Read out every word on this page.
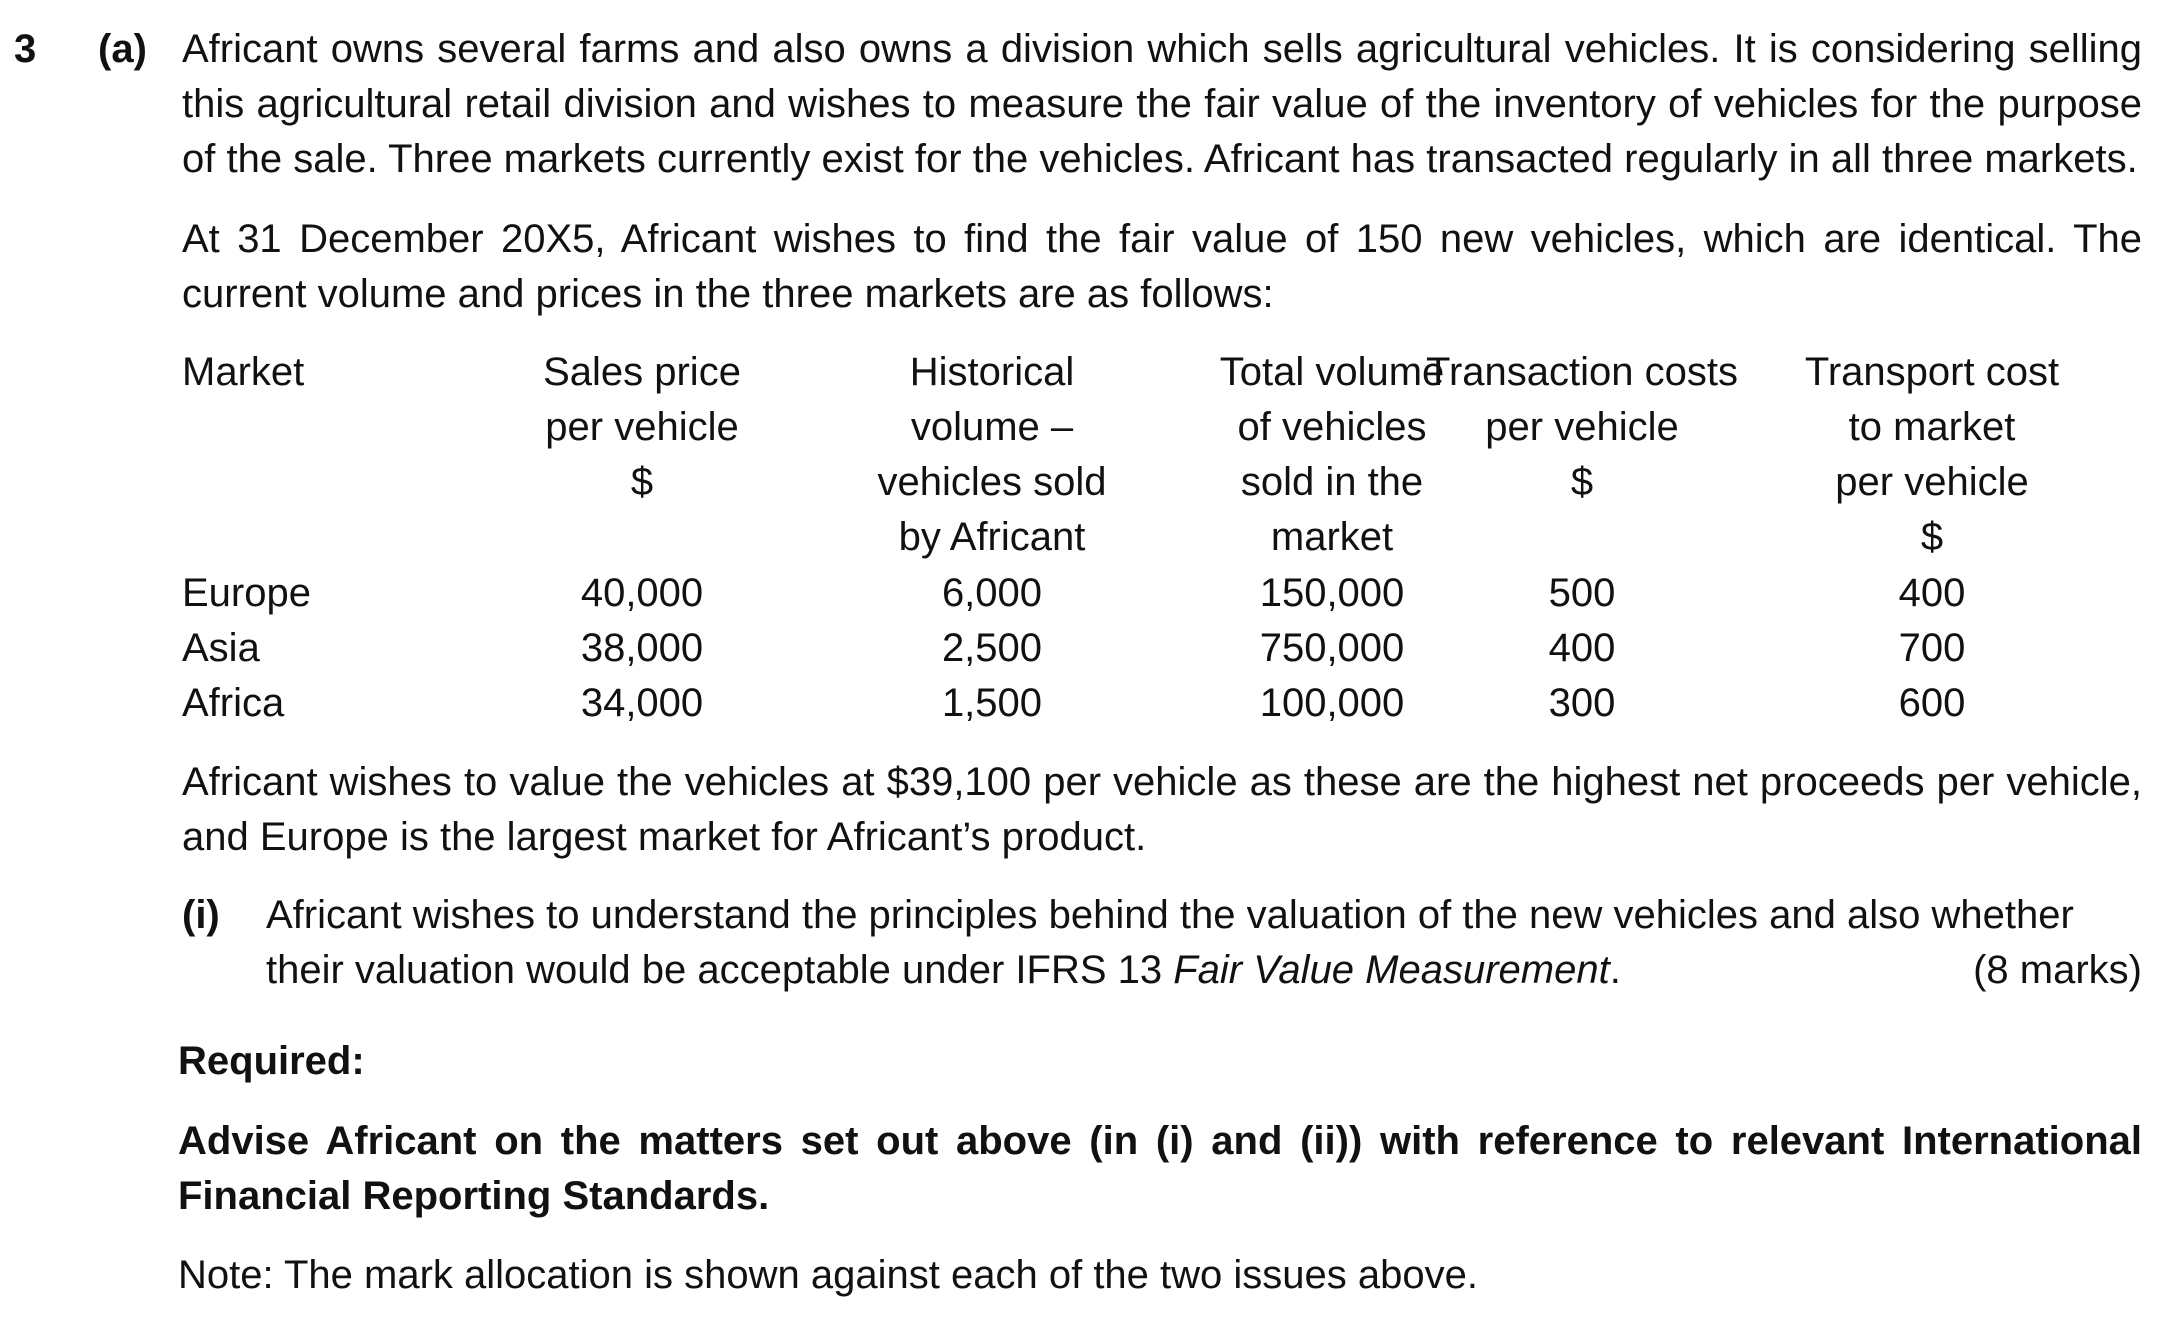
3 (a) Africant owns several farms and also owns a division which sells agricultural vehicles. It is considering selling this agricultural retail division and wishes to measure the fair value of the inventory of vehicles for the purpose of the sale. Three markets currently exist for the vehicles. Africant has transacted regularly in all three markets.

At 31 December 20X5, Africant wishes to find the fair value of 150 new vehicles, which are identical. The current volume and prices in the three markets are as follows:

Market
Europe
Asia
Africa
Sales price
per vehicle
$
40,000
38,000
34,000
Historical
volume –
vehicles sold
by Africant
6,000
2,500
1,500
Total volume
of vehicles
sold in the
market
150,000
750,000
100,000
Transaction costs
per vehicle
$
500
400
300
Transport cost
to market
per vehicle
$
400
700
600

Africant wishes to value the vehicles at $39,100 per vehicle as these are the highest net proceeds per vehicle, and Europe is the largest market for Africant’s product.

(i) Africant wishes to understand the principles behind the valuation of the new vehicles and also whether their valuation would be acceptable under IFRS 13 Fair Value Measurement.	(8 marks)
Required:

Advise Africant on the matters set out above (in (i) and (ii)) with reference to relevant International Financial Reporting Standards.

Note: The mark allocation is shown against each of the two issues above.
